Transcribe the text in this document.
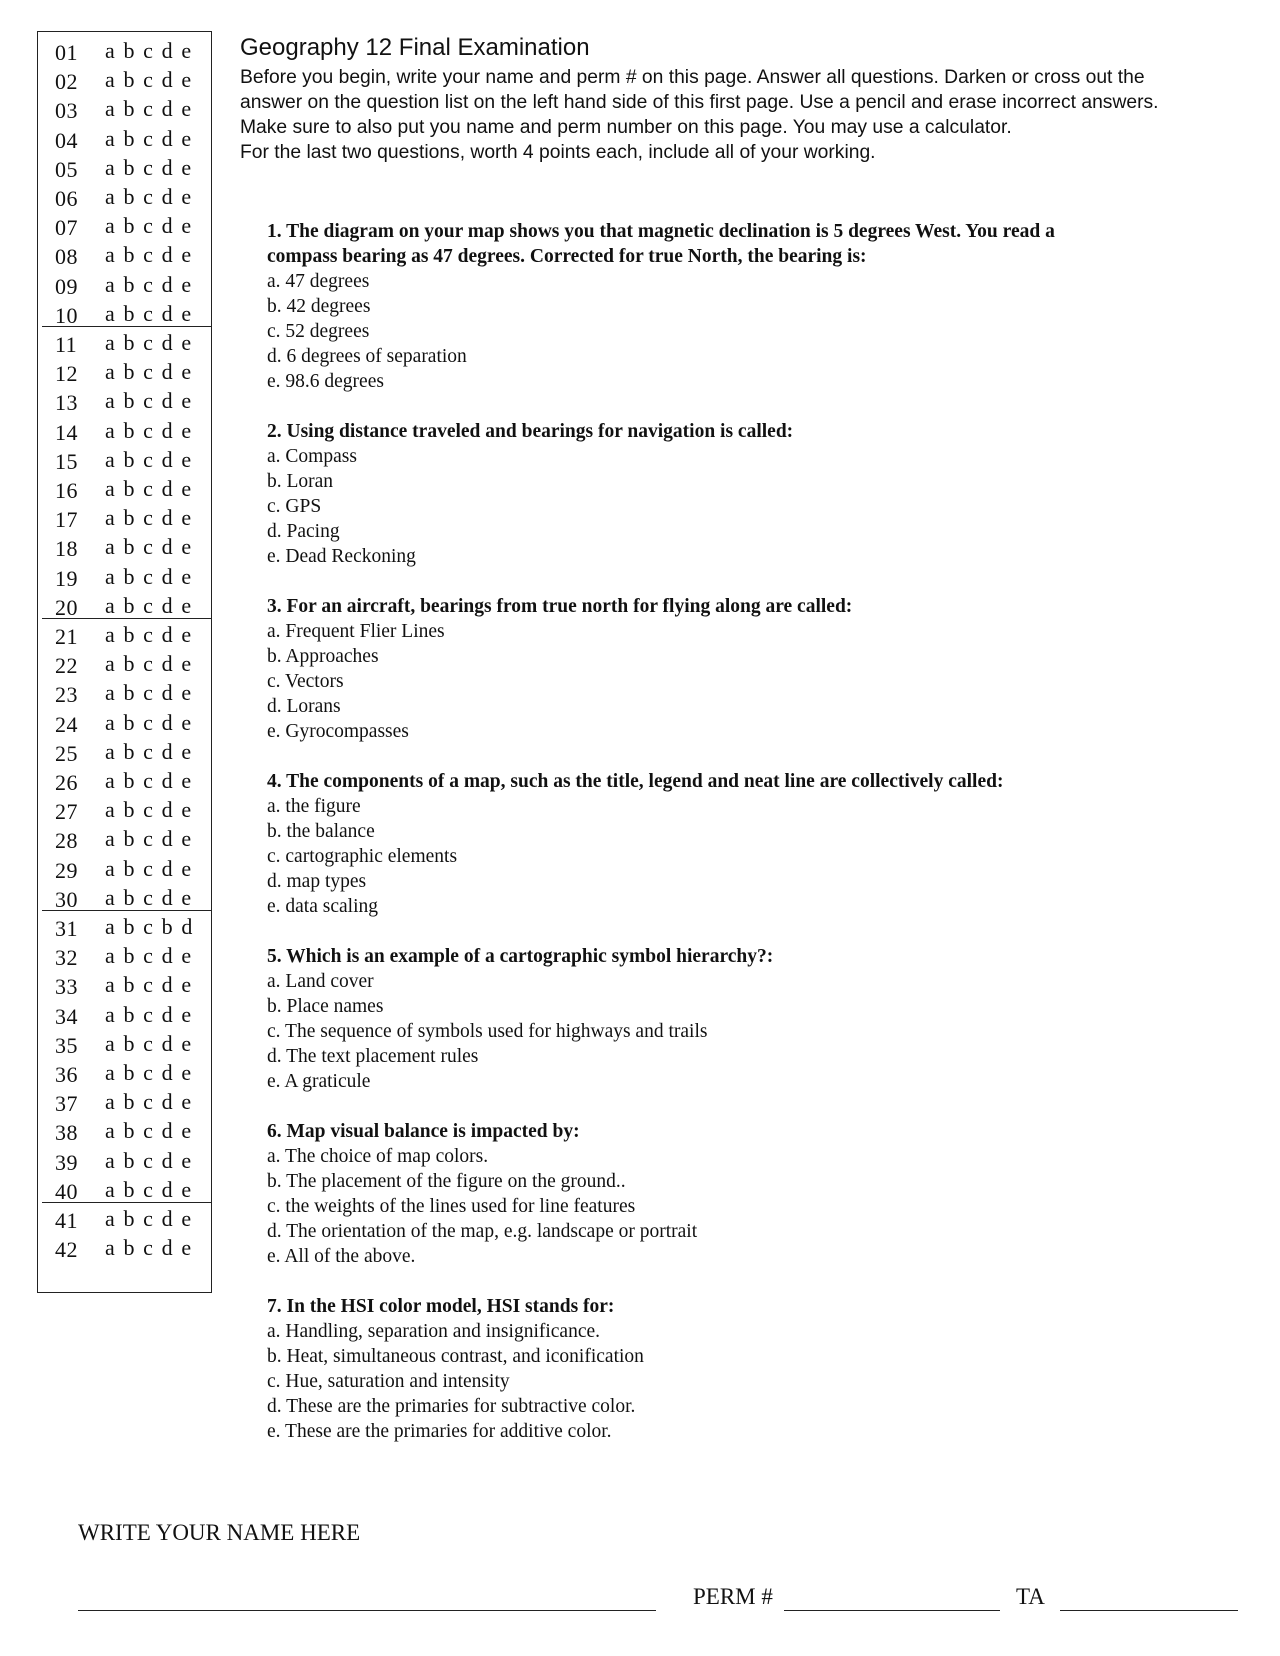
01 a b c d e
02 a b c d e
03 a b c d e
04 a b c d e
05 a b c d e
06 a b c d e
07 a b c d e
08 a b c d e
09 a b c d e
10 a b c d e
11 a b c d e
12 a b c d e
13 a b c d e
14 a b c d e
15 a b c d e
16 a b c d e
17 a b c d e
18 a b c d e
19 a b c d e
20 a b c d e
21 a b c d e
22 a b c d e
23 a b c d e
24 a b c d e
25 a b c d e
26 a b c d e
27 a b c d e
28 a b c d e
29 a b c d e
30 a b c d e
31 a b c b d
32 a b c d e
33 a b c d e
34 a b c d e
35 a b c d e
36 a b c d e
37 a b c d e
38 a b c d e
39 a b c d e
40 a b c d e
41 a b c d e
42 a b c d e
Geography 12 Final Examination

Before you begin, write your name and perm # on this page. Answer all questions. Darken or cross out the

answer on the question list on the left hand side of this first page. Use a pencil and erase incorrect answers.

Make sure to also put you name and perm number on this page. You may use a calculator.

For the last two questions, worth 4 points each, include all of your working.

1. The diagram on your map shows you that magnetic declination is 5 degrees West. You read a compass bearing as 47 degrees. Corrected for true North, the bearing is:

a. 47 degrees

b. 42 degrees

c. 52 degrees

d. 6 degrees of separation

e. 98.6 degrees

2. Using distance traveled and bearings for navigation is called:

a. Compass

b. Loran

c. GPS

d. Pacing

e. Dead Reckoning

3. For an aircraft, bearings from true north for flying along are called:

a. Frequent Flier Lines

b. Approaches

c. Vectors

d. Lorans

e. Gyrocompasses

4. The components of a map, such as the title, legend and neat line are collectively called:

a. the figure

b. the balance

c. cartographic elements

d. map types

e. data scaling

5. Which is an example of a cartographic symbol hierarchy?:

a. Land cover

b. Place names

c. The sequence of symbols used for highways and trails

d. The text placement rules

e. A graticule

6. Map visual balance is impacted by:

a. The choice of map colors.

b. The placement of the figure on the ground..

c. the weights of the lines used for line features

d. The orientation of the map, e.g. landscape or portrait

e. All of the above.

7. In the HSI color model, HSI stands for:

a. Handling, separation and insignificance.

b. Heat, simultaneous contrast, and iconification

c. Hue, saturation and intensity

d. These are the primaries for subtractive color.

e. These are the primaries for additive color.

WRITE YOUR NAME HERE

PERM #	TA
